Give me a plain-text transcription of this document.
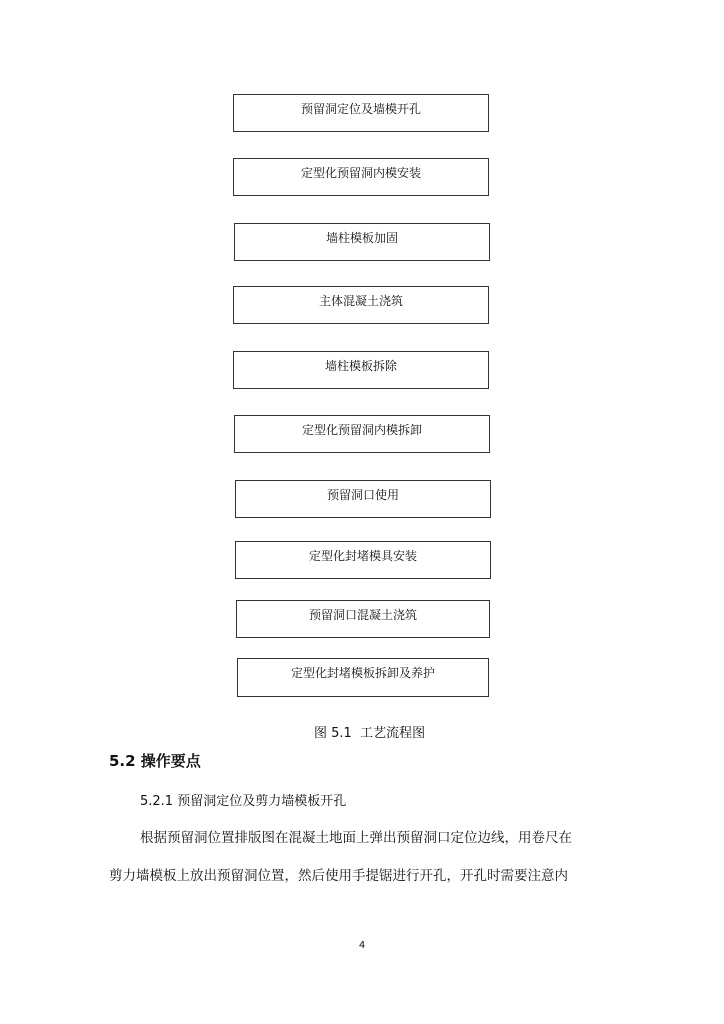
预留洞定位及墙模开孔
定型化预留洞内模安装
墙柱模板加固
主体混凝土浇筑
墙柱模板拆除
定型化预留洞内模拆卸
预留洞口使用
定型化封堵模具安装
预留洞口混凝土浇筑
定型化封堵模板拆卸及养护
图 5.1  工艺流程图
5.2 操作要点
5.2.1 预留洞定位及剪力墙模板开孔
根据预留洞位置排版图在混凝土地面上弹出预留洞口定位边线，用卷尺在
剪力墙模板上放出预留洞位置，然后使用手提锯进行开孔，开孔时需要注意内
4
